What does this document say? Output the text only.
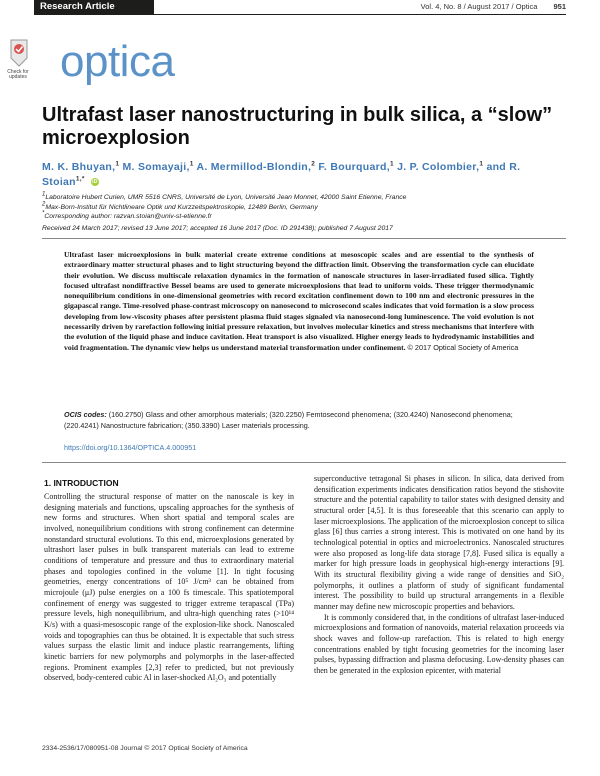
Research Article	Vol. 4, No. 8 / August 2017 / Optica 951
Check for updates optica
Ultrafast laser nanostructuring in bulk silica, a “slow” microexplosion
M. K. Bhuyan,$^1$ M. Somayaji,$^1$ A. Mermillod-Blondin,$^2$ F. Bourquard,$^1$ J. P. Colombier,$^1$ and R. Stoian$^{1,*}$ iD
$^1$Laboratoire Hubert Curien, UMR 5516 CNRS, Université de Lyon, Université Jean Monnet, 42000 Saint Etienne, France
$^2$Max-Born-Institut für Nichtlineare Optik und Kurzzeitspektroskopie, 12489 Berlin, Germany
*Corresponding author: razvan.stoian@univ-st-etienne.fr
Received 24 March 2017; revised 13 June 2017; accepted 16 June 2017 (Doc. ID 291438); published 7 August 2017
Ultrafast laser microexplosions in bulk material create extreme conditions at mesoscopic scales and are essential to the synthesis of extraordinary matter structural phases and to light structuring beyond the diffraction limit. Observing the transformation cycle can elucidate their evolution. We discuss multiscale relaxation dynamics in the formation of nanoscale structures in laser-irradiated fused silica. Tightly focused ultrafast nondiffractive Bessel beams are used to generate microexplosions that lead to uniform voids. These trigger thermodynamic nonequilibrium conditions in one-dimensional geometries with record excitation confinement down to 100 nm and electronic pressures in the gigapascal range. Time-resolved phase-contrast microscopy on nanosecond to microsecond scales indicates that void formation is a slow process developing from low-viscosity phases after persistent plasma fluid stages signaled via nanosecond-long luminescence. The void evolution is not necessarily driven by rarefaction following initial pressure relaxation, but involves molecular kinetics and stress mechanisms that interfere with the evolution of the liquid phase and induce cavitation. Heat transport is also visualized. Higher energy leads to hydrodynamic instabilities and void fragmentation. The dynamic view helps us understand material transformation under confinement. © 2017 Optical Society of America
OCIS codes: (160.2750) Glass and other amorphous materials; (320.2250) Femtosecond phenomena; (320.4240) Nanosecond phenomena; (220.4241) Nanostructure fabrication; (350.3390) Laser materials processing.
https://doi.org/10.1364/OPTICA.4.000951
1. INTRODUCTION

Controlling the structural response of matter on the nanoscale is key in designing materials and functions, upscaling approaches for the synthesis of new forms and structures. When short spatial and temporal scales are involved, nonequilibrium conditions with strong confinement can determine nonstandard structural evolutions. To this end, microexplosions generated by ultrashort laser pulses in bulk transparent materials can lead to extreme conditions of temperature and pressure and thus to extraordinary material phases and topologies confined in the volume [1]. In tight focusing geometries, energy concentrations of 10⁵ J/cm³ can be obtained from microjoule (μJ) pulse energies on a 100 fs timescale. This spatiotemporal confinement of energy was suggested to trigger extreme terapascal (TPa) pressure levels, high nonequilibrium, and ultra-high quenching rates (>10¹⁴ K/s) with a quasi-mesoscopic range of the explosion-like shock. Nanoscaled voids and topographies can thus be obtained. It is expectable that such stress values surpass the elastic limit and induce plastic rearrangements, lifting kinetic barriers for new polymorphs and polymorphs in the laser-affected regions. Prominent examples [2,3] refer to predicted, but not previously observed, body-centered cubic Al in laser-shocked Al₂O₃ and potentially

superconductive tetragonal Si phases in silicon. In silica, data derived from densification experiments indicates densification ratios beyond the stishovite structure and the potential capability to tailor states with designed density and structural order [4,5]. It is thus foreseeable that this scenario can apply to laser microexplosions. The application of the microexplosion concept to silica glass [6] thus carries a strong interest. This is motivated on one hand by its technological potential in optics and microelectronics. Nanoscaled structures were also proposed as long-life data storage [7,8]. Fused silica is equally a marker for high pressure loads in geophysical high-energy interactions [9]. With its structural flexibility giving a wide range of densities and SiO₂ polymorphs, it outlines a platform of study of significant fundamental interest. The possibility to build up structural arrangements in a flexible manner may define new microscopic properties and behaviors.

It is commonly considered that, in the conditions of ultrafast laser-induced microexplosions and formation of nanovoids, material relaxation proceeds via shock waves and follow-up rarefaction. This is related to high energy concentrations enabled by tight focusing geometries for the incoming laser pulses, bypassing diffraction and plasma defocusing. Low-density phases can then be generated in the explosion epicenter, with material

2334-2536/17/080951-08 Journal © 2017 Optical Society of America
